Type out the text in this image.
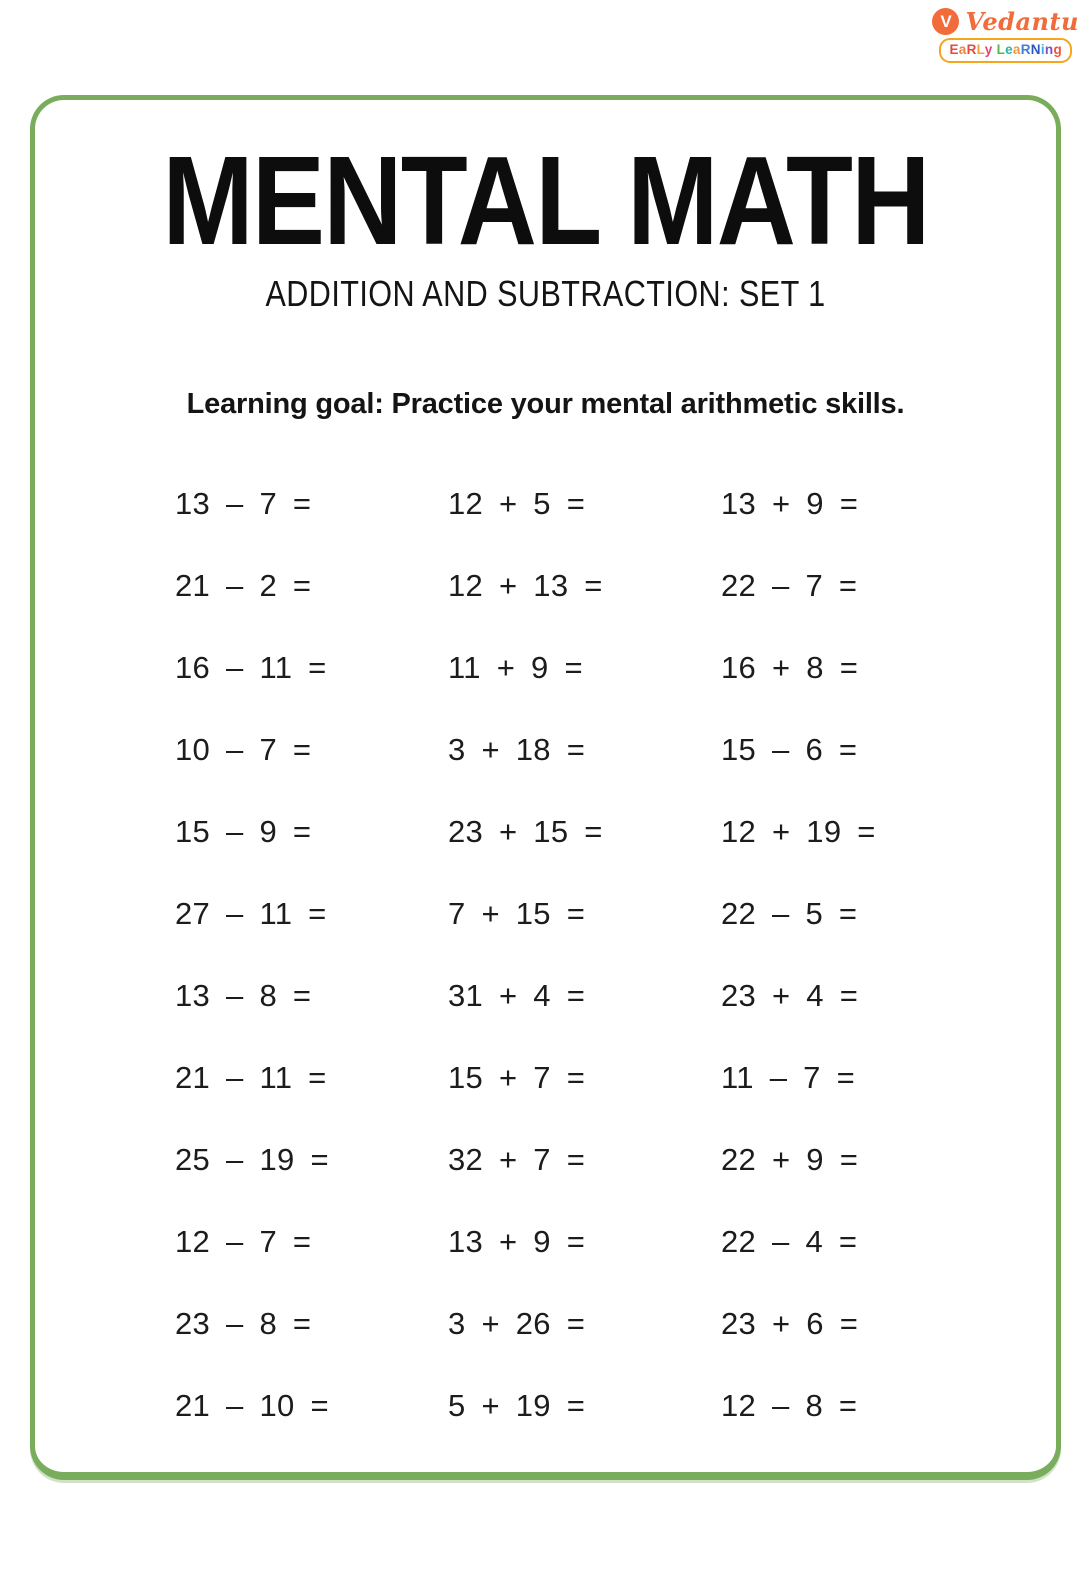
V Vedantu
EaRLy LeaRNing
MENTAL MATH
ADDITION AND SUBTRACTION: SET 1
Learning goal: Practice your mental arithmetic skills.
13 – 7 =
21 – 2 =
16 – 11 =
10 – 7 =
15 – 9 =
27 – 11 =
13 – 8 =
21 – 11 =
25 – 19 =
12 – 7 =
23 – 8 =
21 – 10 =
12 + 5 =
12 + 13 =
11 + 9 =
3 + 18 =
23 + 15 =
7 + 15 =
31 + 4 =
15 + 7 =
32 + 7 =
13 + 9 =
3 + 26 =
5 + 19 =
13 + 9 =
22 – 7 =
16 + 8 =
15 – 6 =
12 + 19 =
22 – 5 =
23 + 4 =
11 – 7 =
22 + 9 =
22 – 4 =
23 + 6 =
12 – 8 =
